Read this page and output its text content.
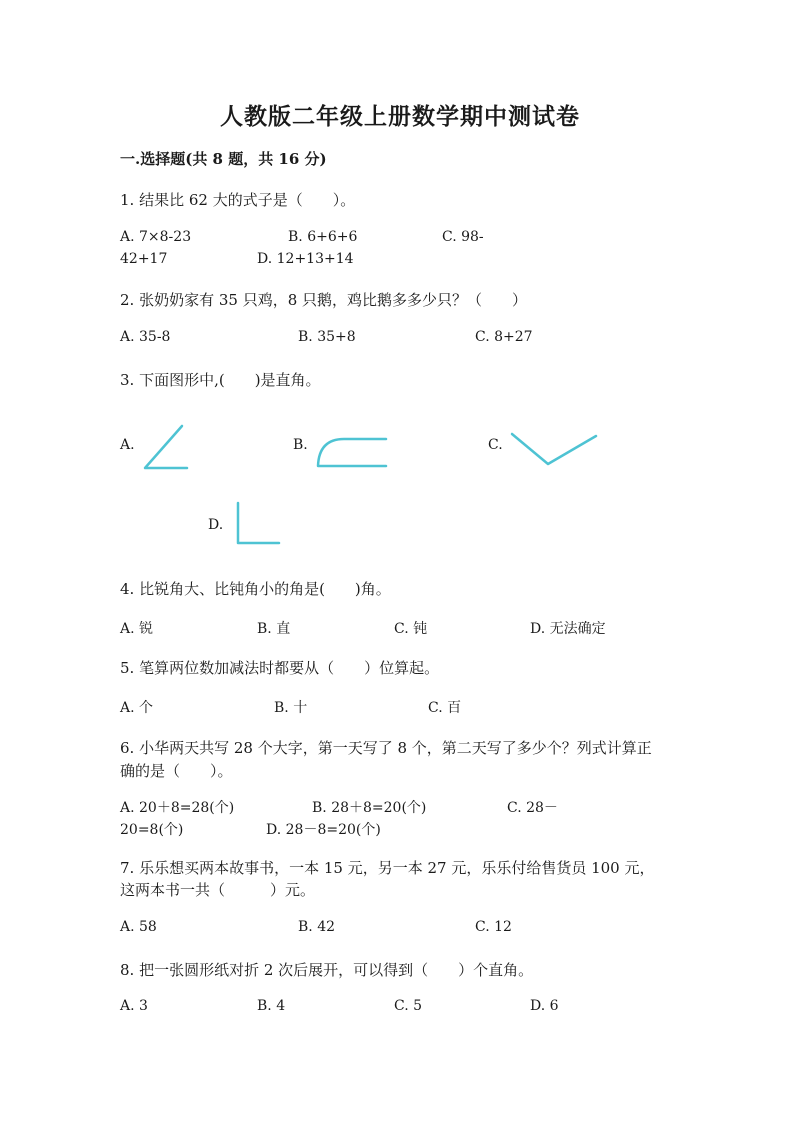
人教版二年级上册数学期中测试卷
一.选择题(共 8 题，共 16 分)
1. 结果比 62 大的式子是（　　）。
A. 7×8-23	B. 6+6+6	C. 98-
42+17	D. 12+13+14
2. 张奶奶家有 35 只鸡，8 只鹅，鸡比鹅多多少只？（　　）
A. 35-8	B. 35+8	C. 8+27
3. 下面图形中,(　　)是直角。
A.	B.	C.
D.
4. 比锐角大、比钝角小的角是(　　)角。
A. 锐	B. 直	C. 钝	D. 无法确定
5. 笔算两位数加减法时都要从（　　）位算起。
A. 个	B. 十	C. 百
6. 小华两天共写 28 个大字，第一天写了 8 个，第二天写了多少个？列式计算正
确的是（　　）。
A. 20＋8=28(个)	B. 28＋8=20(个)	C. 28－
20=8(个)	D. 28－8=20(个)
7. 乐乐想买两本故事书，一本 15 元，另一本 27 元，乐乐付给售货员 100 元，
这两本书一共（　　　）元。
A. 58	B. 42	C. 12
8. 把一张圆形纸对折 2 次后展开，可以得到（　　）个直角。
A. 3	B. 4	C. 5	D. 6
